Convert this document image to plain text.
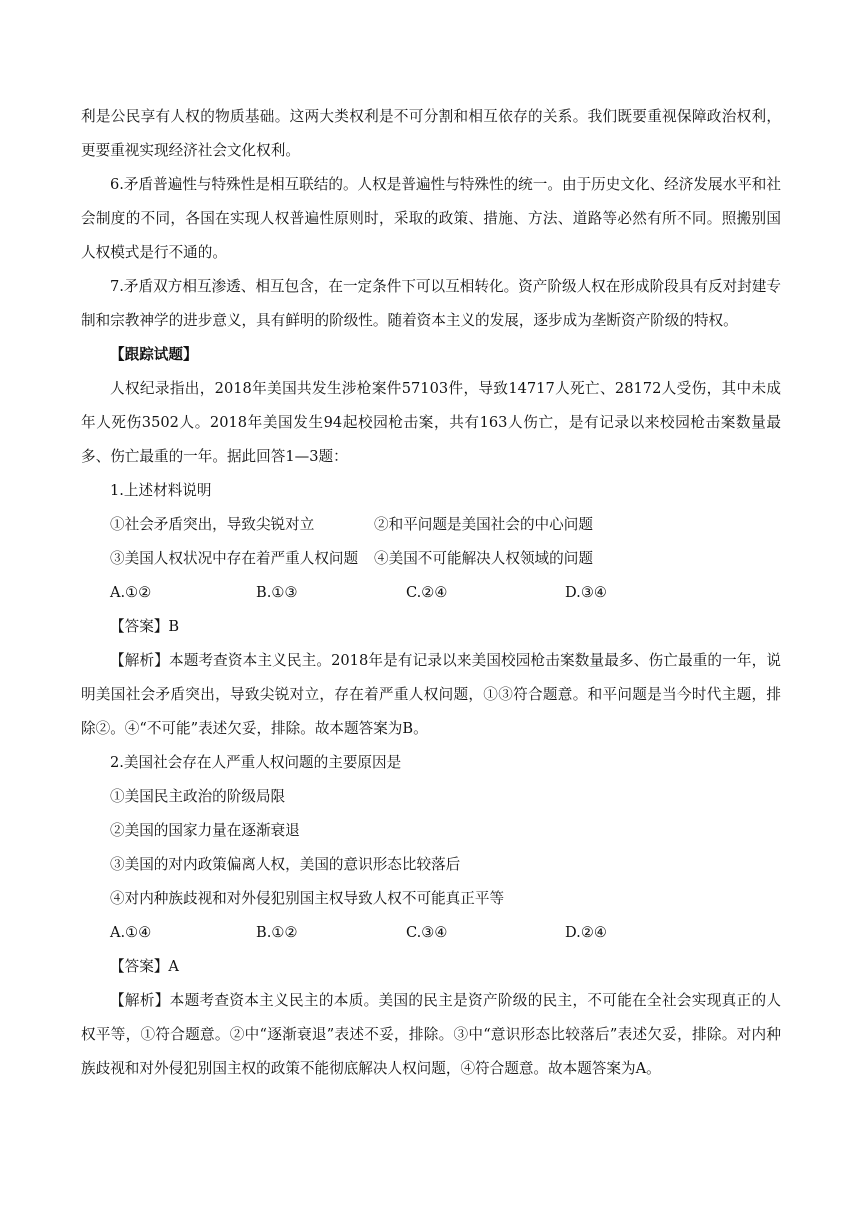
利是公民享有人权的物质基础。这两大类权利是不可分割和相互依存的关系。我们既要重视保障政治权利，更要重视实现经济社会文化权利。

6.矛盾普遍性与特殊性是相互联结的。人权是普遍性与特殊性的统一。由于历史文化、经济发展水平和社会制度的不同，各国在实现人权普遍性原则时，采取的政策、措施、方法、道路等必然有所不同。照搬别国人权模式是行不通的。

7.矛盾双方相互渗透、相互包含，在一定条件下可以互相转化。资产阶级人权在形成阶段具有反对封建专制和宗教神学的进步意义，具有鲜明的阶级性。随着资本主义的发展，逐步成为垄断资产阶级的特权。

【跟踪试题】

人权纪录指出，2018年美国共发生涉枪案件57103件，导致14717人死亡、28172人受伤，其中未成年人死伤3502人。2018年美国发生94起校园枪击案，共有163人伤亡，是有记录以来校园枪击案数量最多、伤亡最重的一年。据此回答1—3题：

1.上述材料说明
①社会矛盾突出，导致尖锐对立	②和平问题是美国社会的中心问题
③美国人权状况中存在着严重人权问题	④美国不可能解决人权领域的问题
A.①②	B.①③	C.②④	D.③④
【答案】B

【解析】本题考查资本主义民主。2018年是有记录以来美国校园枪击案数量最多、伤亡最重的一年，说明美国社会矛盾突出，导致尖锐对立，存在着严重人权问题，①③符合题意。和平问题是当今时代主题，排除②。④“不可能”表述欠妥，排除。故本题答案为B。

2.美国社会存在人严重人权问题的主要原因是
①美国民主政治的阶级局限
②美国的国家力量在逐渐衰退
③美国的对内政策偏离人权，美国的意识形态比较落后
④对内种族歧视和对外侵犯别国主权导致人权不可能真正平等
A.①④	B.①②	C.③④	D.②④
【答案】A

【解析】本题考查资本主义民主的本质。美国的民主是资产阶级的民主，不可能在全社会实现真正的人权平等，①符合题意。②中“逐渐衰退”表述不妥，排除。③中“意识形态比较落后”表述欠妥，排除。对内种族歧视和对外侵犯别国主权的政策不能彻底解决人权问题，④符合题意。故本题答案为A。
